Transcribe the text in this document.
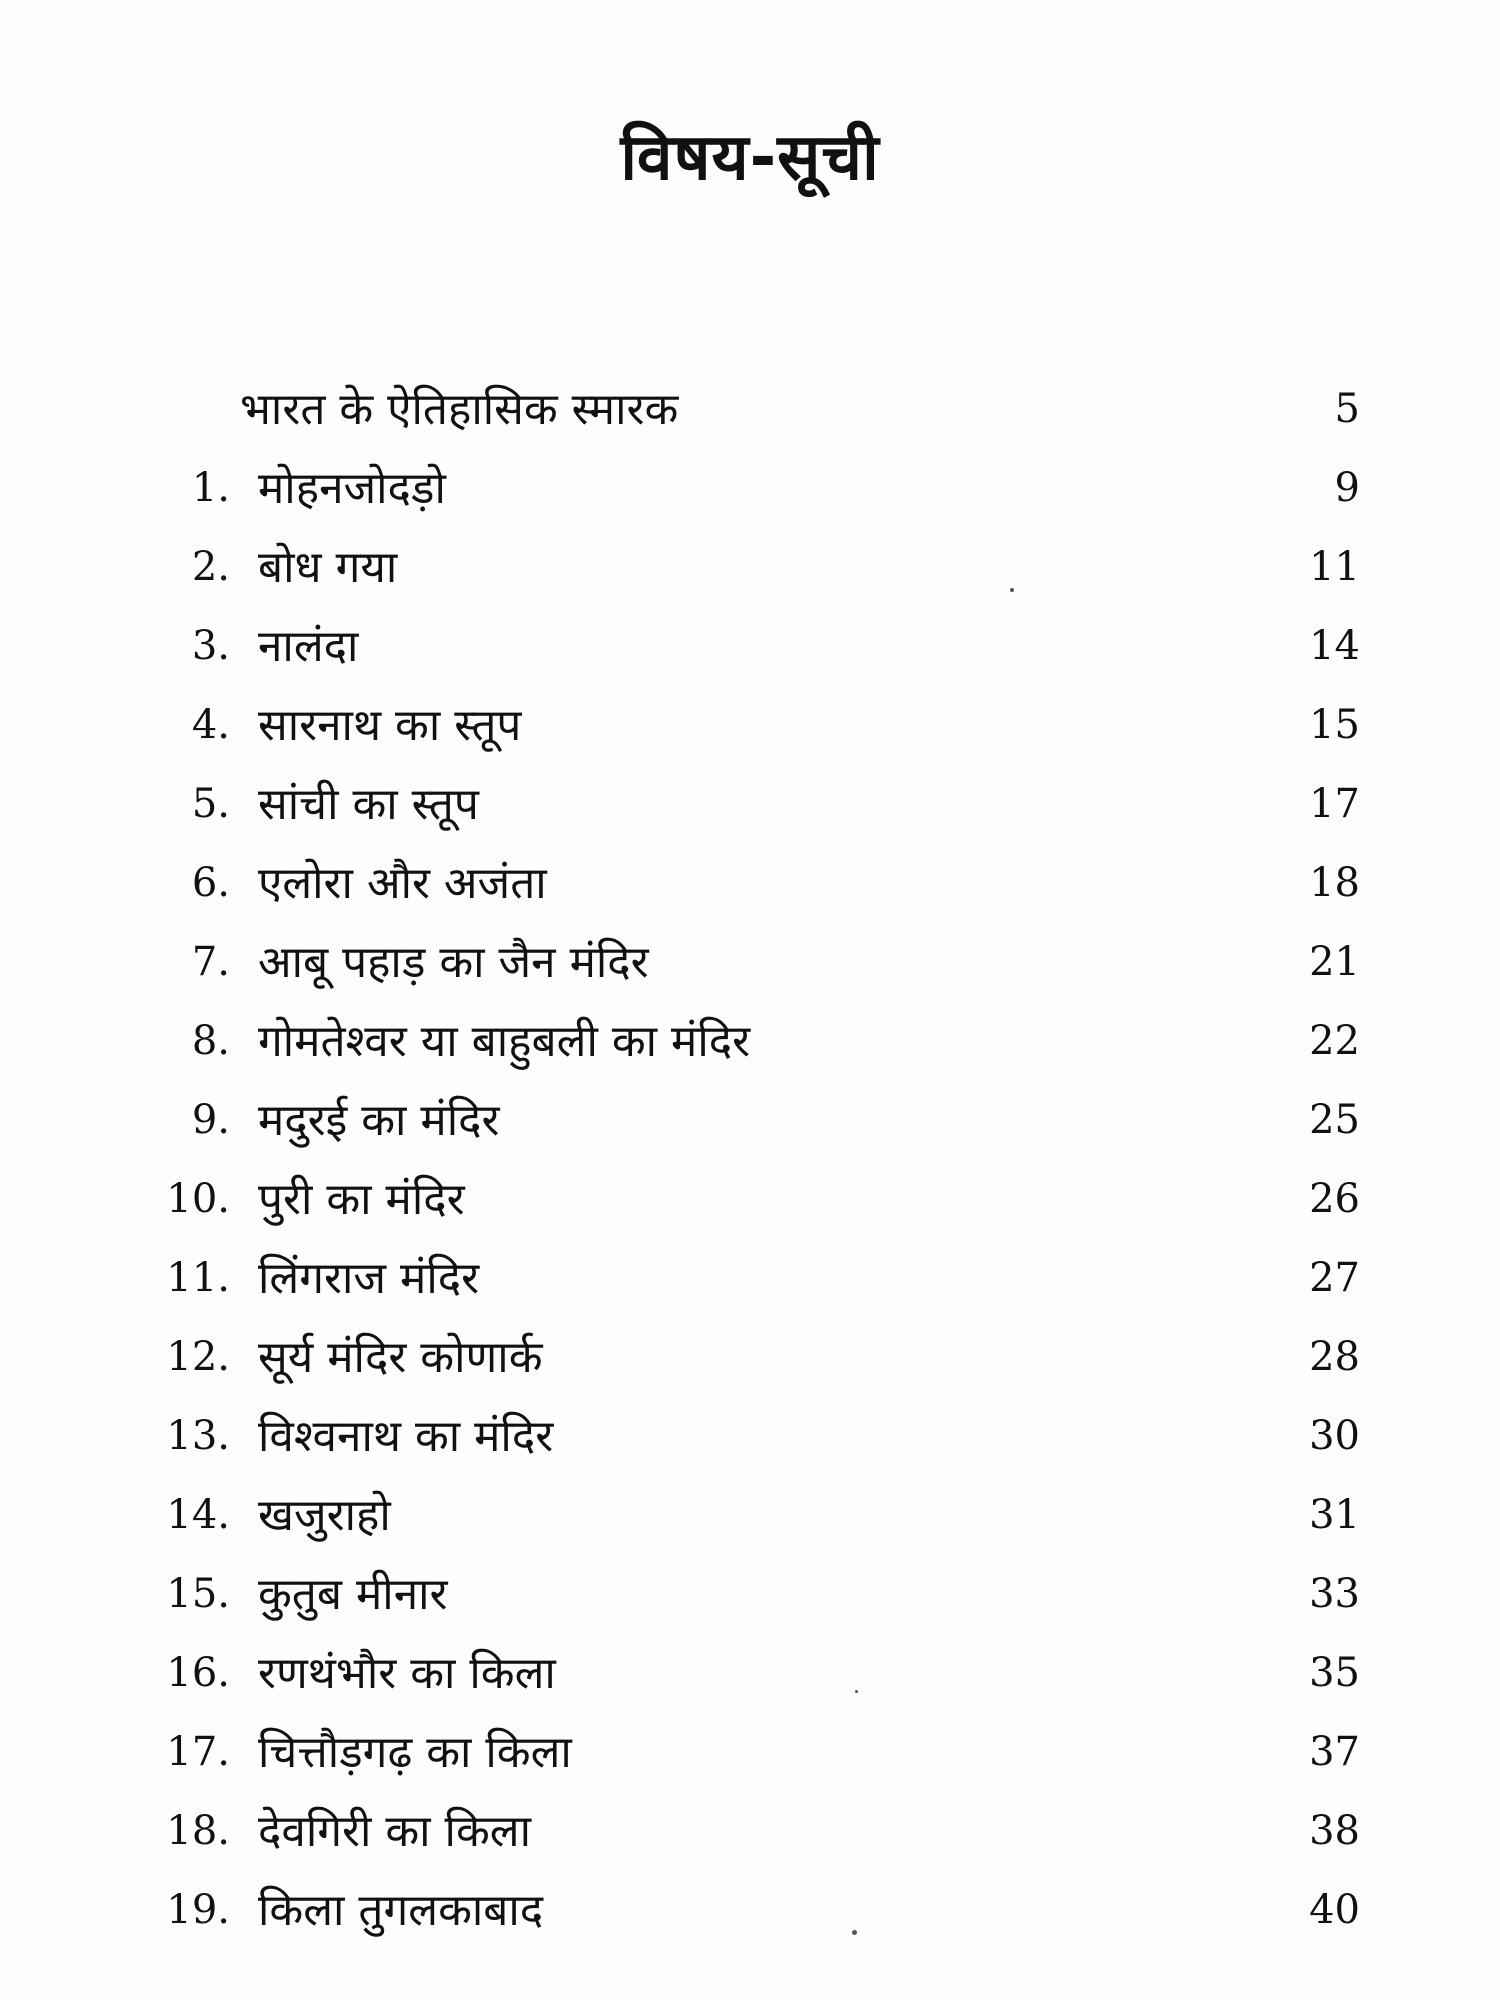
विषय-सूची
भारत के ऐतिहासिक स्मारक	5
1. मोहनजोदड़ो	9
2. बोध गया	11
3. नालंदा	14
4. सारनाथ का स्तूप	15
5. सांची का स्तूप	17
6. एलोरा और अजंता	18
7. आबू पहाड़ का जैन मंदिर	21
8. गोमतेश्वर या बाहुबली का मंदिर	22
9. मदुरई का मंदिर	25
10. पुरी का मंदिर	26
11. लिंगराज मंदिर	27
12. सूर्य मंदिर कोणार्क	28
13. विश्वनाथ का मंदिर	30
14. खजुराहो	31
15. कुतुब मीनार	33
16. रणथंभौर का किला	35
17. चित्तौड़गढ़ का किला	37
18. देवगिरी का किला	38
19. किला तुगलकाबाद	40
